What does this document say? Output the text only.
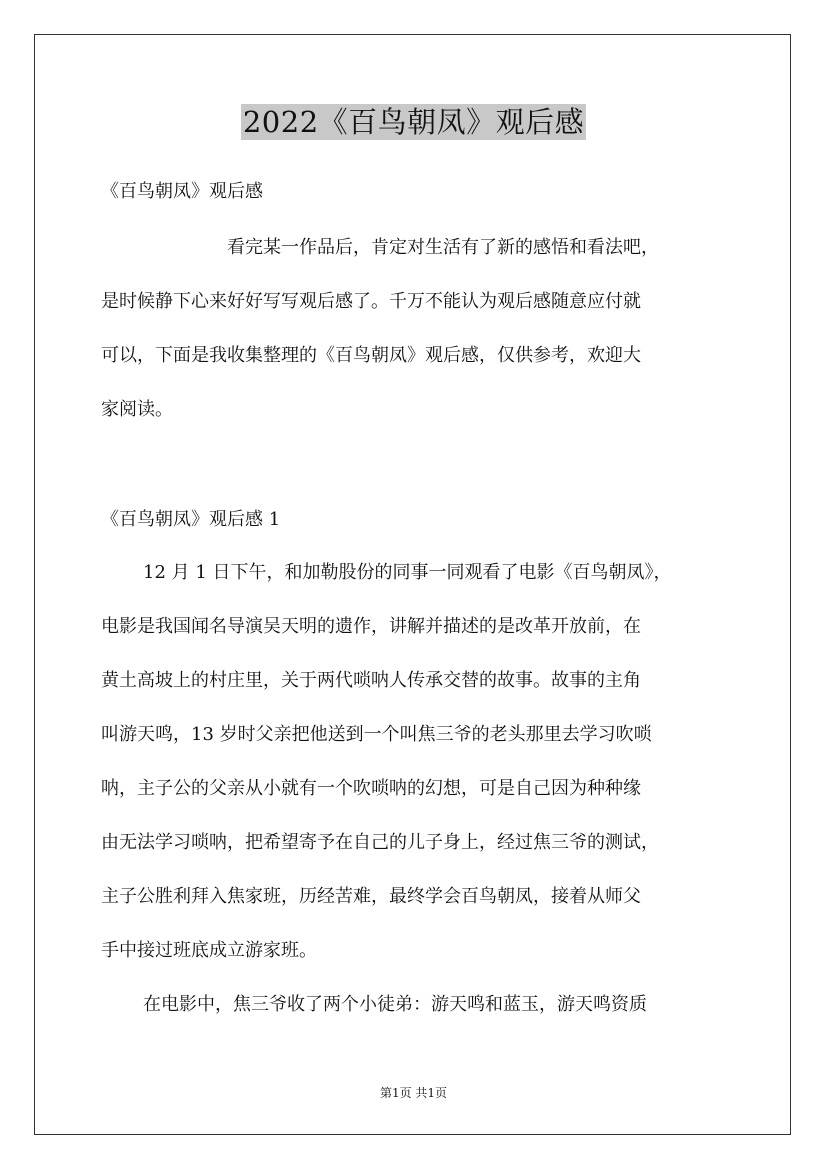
2022《百鸟朝凤》观后感
《百鸟朝凤》观后感
看完某一作品后，肯定对生活有了新的感悟和看法吧，
是时候静下心来好好写写观后感了。千万不能认为观后感随意应付就
可以，下面是我收集整理的《百鸟朝凤》观后感，仅供参考，欢迎大
家阅读。
《百鸟朝凤》观后感 1
12 月 1 日下午，和加勒股份的同事一同观看了电影《百鸟朝凤》，
电影是我国闻名导演吴天明的遗作，讲解并描述的是改革开放前，在
黄土高坡上的村庄里，关于两代唢呐人传承交替的故事。故事的主角
叫游天鸣，13 岁时父亲把他送到一个叫焦三爷的老头那里去学习吹唢
呐，主子公的父亲从小就有一个吹唢呐的幻想，可是自己因为种种缘
由无法学习唢呐，把希望寄予在自己的儿子身上，经过焦三爷的测试，
主子公胜利拜入焦家班，历经苦难，最终学会百鸟朝凤，接着从师父
手中接过班底成立游家班。
在电影中，焦三爷收了两个小徒弟：游天鸣和蓝玉，游天鸣资质
第1页 共1页
